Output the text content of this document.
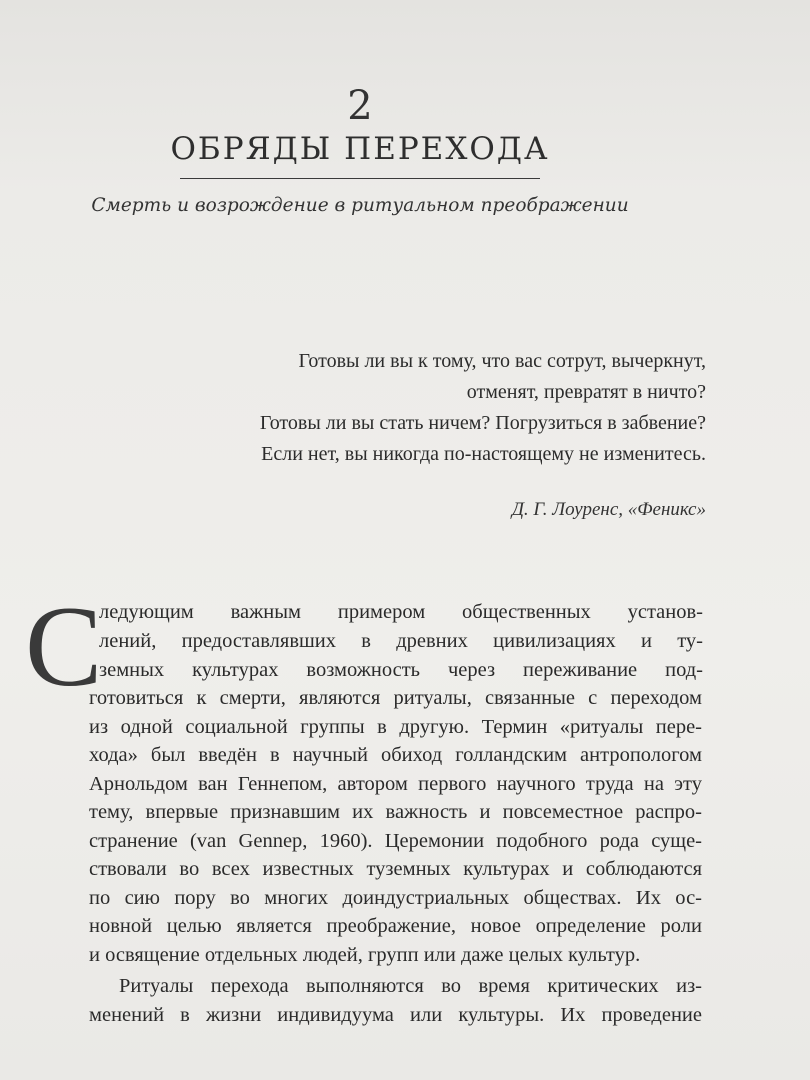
2
ОБРЯДЫ ПЕРЕХОДА
Смерть и возрождение в ритуальном преображении
Готовы ли вы к тому, что вас сотрут, вычеркнут,
отменят, превратят в ничто?
Готовы ли вы стать ничем? Погрузиться в забвение?
Если нет, вы никогда по-настоящему не изменитесь.
Д. Г. Лоуренс, «Феникс»
С
ледующим важным примером общественных установ-
лений, предоставлявших в древних цивилизациях и ту-
земных культурах возможность через переживание под-
готовиться к смерти, являются ритуалы, связанные с переходом
из одной социальной группы в другую. Термин «ритуалы пере-
хода» был введён в научный обиход голландским антропологом
Арнольдом ван Геннепом, автором первого научного труда на эту
тему, впервые признавшим их важность и повсеместное распро-
странение (van Gennep, 1960). Церемонии подобного рода суще-
ствовали во всех известных туземных культурах и соблюдаются
по сию пору во многих доиндустриальных обществах. Их ос-
новной целью является преображение, новое определение роли
и освящение отдельных людей, групп или даже целых культур.
Ритуалы перехода выполняются во время критических из-
менений в жизни индивидуума или культуры. Их проведение
